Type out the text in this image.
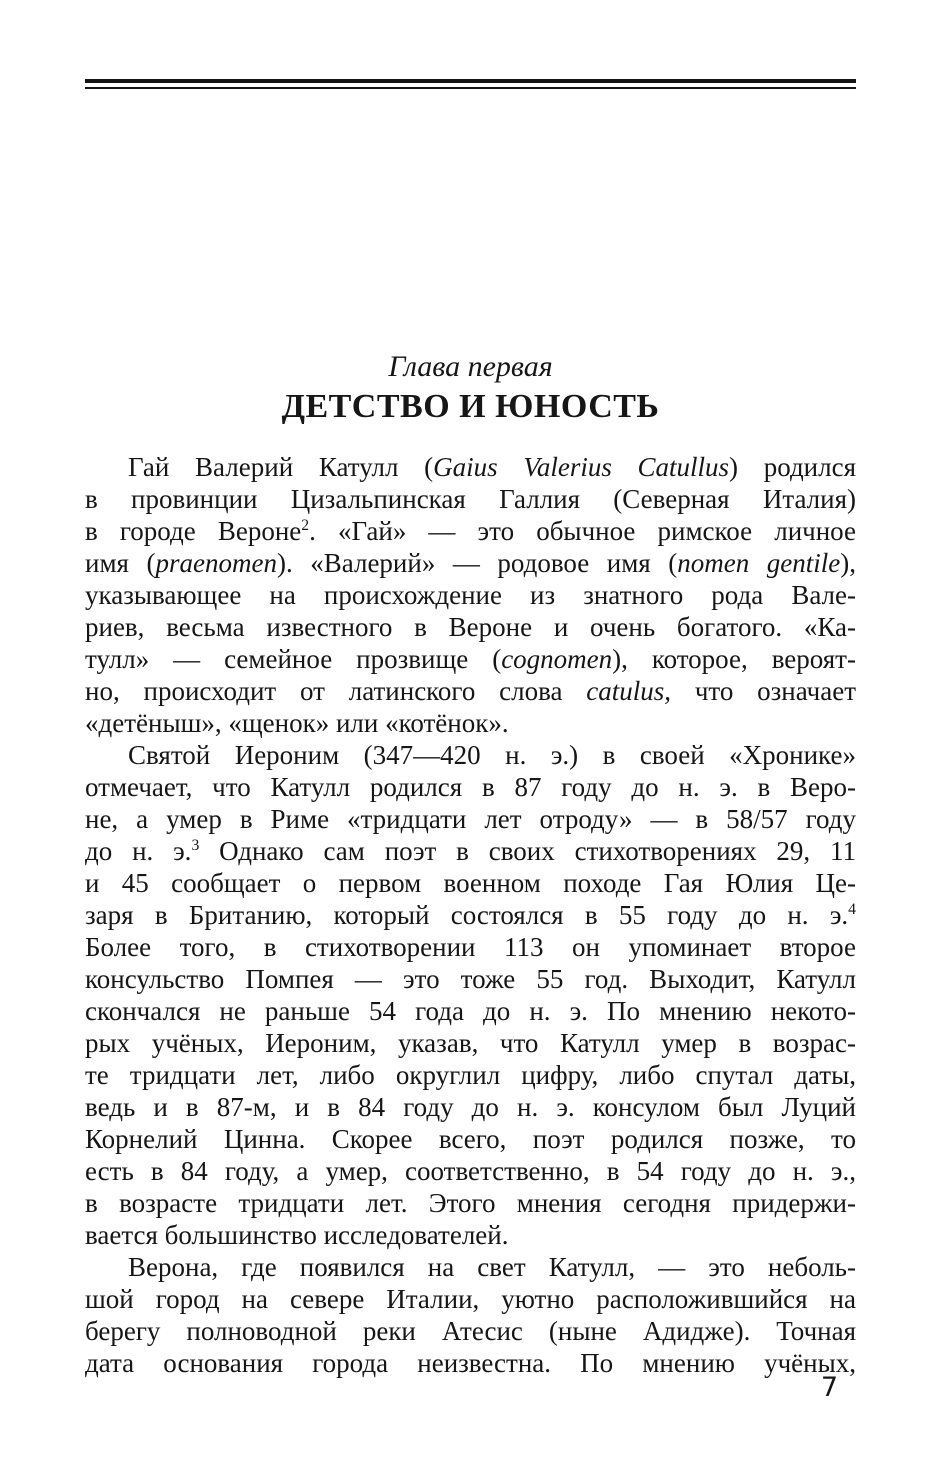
Глава первая
ДЕТСТВО И ЮНОСТЬ
Гай Валерий Катулл (Gaius Valerius Catullus) родился
в провинции Цизальпинская Галлия (Северная Италия)
в городе Вероне$^2$. «Гай» — это обычное римское личное
имя (praenomen). «Валерий» — родовое имя (nomen gentile),
указывающее на происхождение из знатного рода Вале-
риев, весьма известного в Вероне и очень богатого. «Ка-
тулл» — семейное прозвище (cognomen), которое, вероят-
но, происходит от латинского слова catulus, что означает
«детёныш», «щенок» или «котёнок».
Святой Иероним (347—420 н. э.) в своей «Хронике»
отмечает, что Катулл родился в 87 году до н. э. в Веро-
не, а умер в Риме «тридцати лет отроду» — в 58/57 году
до н. э.$^3$ Однако сам поэт в своих стихотворениях 29, 11
и 45 сообщает о первом военном походе Гая Юлия Це-
заря в Британию, который состоялся в 55 году до н. э.$^4$
Более того, в стихотворении 113 он упоминает второе
консульство Помпея — это тоже 55 год. Выходит, Катулл
скончался не раньше 54 года до н. э. По мнению некото-
рых учёных, Иероним, указав, что Катулл умер в возрас-
те тридцати лет, либо округлил цифру, либо спутал даты,
ведь и в 87-м, и в 84 году до н. э. консулом был Луций
Корнелий Цинна. Скорее всего, поэт родился позже, то
есть в 84 году, а умер, соответственно, в 54 году до н. э.,
в возрасте тридцати лет. Этого мнения сегодня придержи-
вается большинство исследователей.
Верона, где появился на свет Катулл, — это неболь-
шой город на севере Италии, уютно расположившийся на
берегу полноводной реки Атесис (ныне Адидже). Точная
дата основания города неизвестна. По мнению учёных,
7
